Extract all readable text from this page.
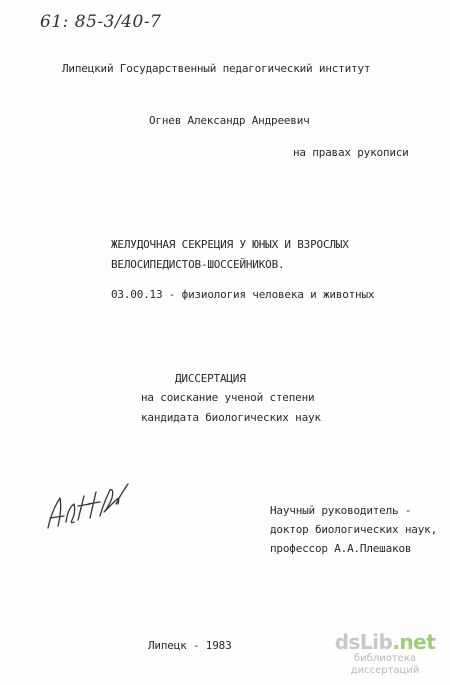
61: 85-3/40-7
Липецкий Государственный педагогический институт
Огнев Александр Андреевич
на правах рукописи
ЖЕЛУДОЧНАЯ СЕКРЕЦИЯ У ЮНЫХ И ВЗРОСЛЫХ
ВЕЛОСИПЕДИСТОВ-ШОССЕЙНИКОВ.
03.00.13 - физиология человека и животных
ДИССЕРТАЦИЯ
на соискание ученой степени
кандидата биологических наук
Научный руководитель -
доктор биологических наук,
профессор А.А.Плешаков
Липецк - 1983	dsLib.net
библиотека диссертаций
